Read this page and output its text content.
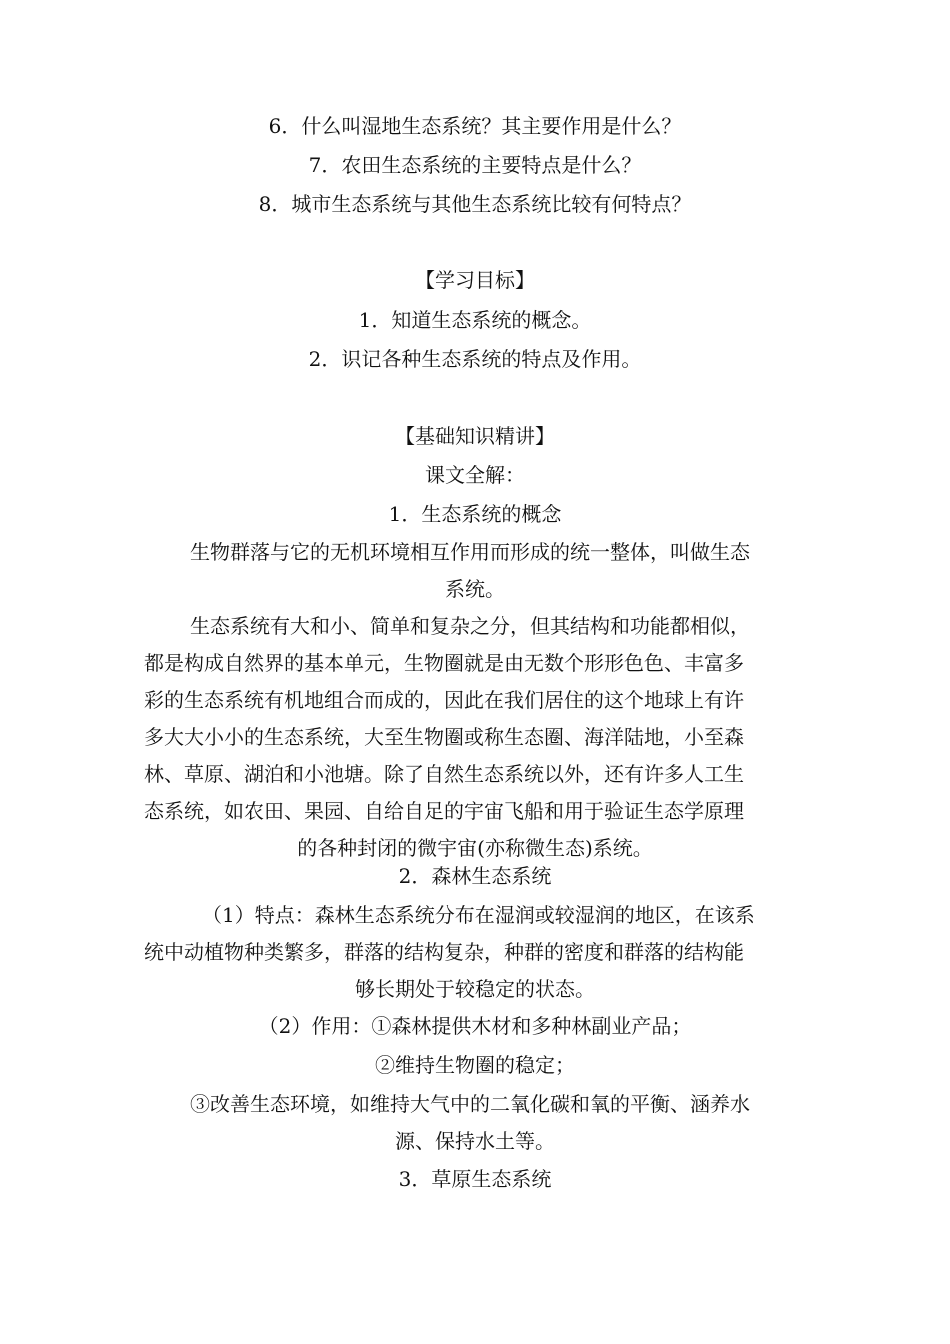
6．什么叫湿地生态系统？其主要作用是什么？
7．农田生态系统的主要特点是什么？
8．城市生态系统与其他生态系统比较有何特点？
【学习目标】
1．知道生态系统的概念。
2．识记各种生态系统的特点及作用。
【基础知识精讲】
课文全解：
1．生态系统的概念
生物群落与它的无机环境相互作用而形成的统一整体，叫做生态
系统。
生态系统有大和小、简单和复杂之分，但其结构和功能都相似，
都是构成自然界的基本单元，生物圈就是由无数个形形色色、丰富多
彩的生态系统有机地组合而成的，因此在我们居住的这个地球上有许
多大大小小的生态系统，大至生物圈或称生态圈、海洋陆地，小至森
林、草原、湖泊和小池塘。除了自然生态系统以外，还有许多人工生
态系统，如农田、果园、自给自足的宇宙飞船和用于验证生态学原理
的各种封闭的微宇宙(亦称微生态)系统。
2．森林生态系统
（1）特点：森林生态系统分布在湿润或较湿润的地区，在该系
统中动植物种类繁多，群落的结构复杂，种群的密度和群落的结构能
够长期处于较稳定的状态。
（2）作用：①森林提供木材和多种林副业产品；
②维持生物圈的稳定；
③改善生态环境，如维持大气中的二氧化碳和氧的平衡、涵养水
源、保持水土等。
3．草原生态系统
